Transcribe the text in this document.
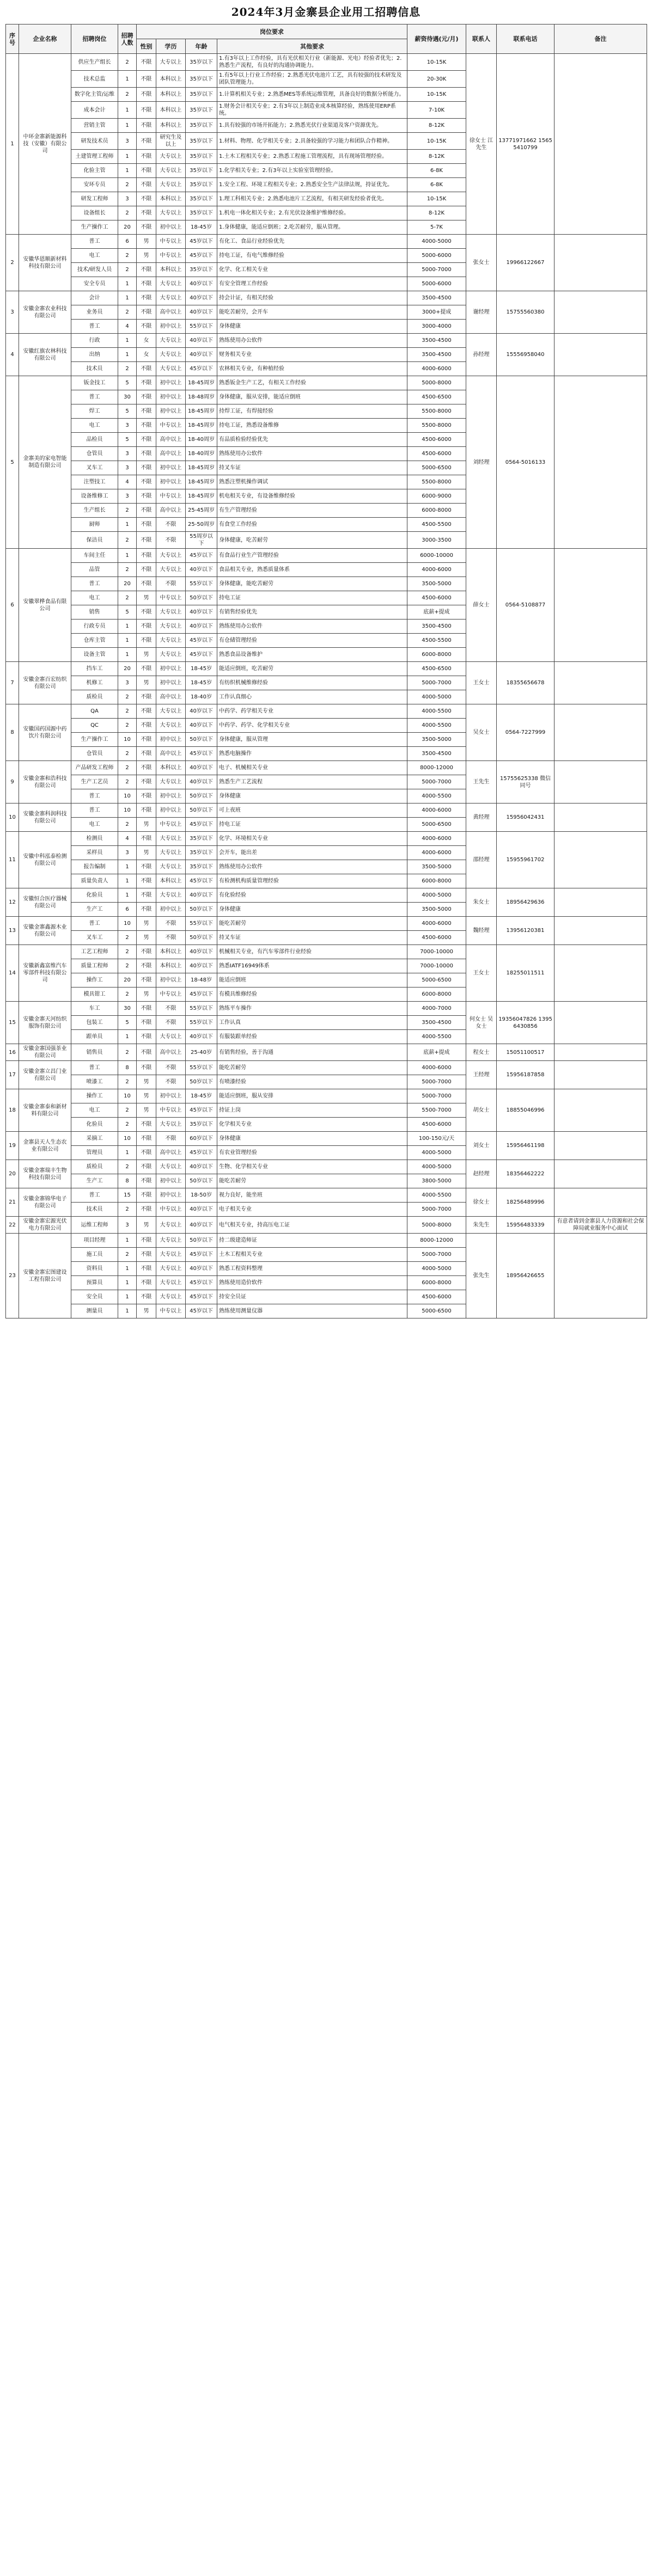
2024年3月金寨县企业用工招聘信息
序号	企业名称	招聘岗位	招聘人数	岗位要求				薪资待遇(元/月)	联系人	联系电话	备注
				性别	学历	年龄	其他要求				
1	中环金寨新能源科技（安徽）有限公司	供应生产组长	2	不限	大专以上	35岁以下	1.有3年以上工作经验，具有光伏相关行业（新能源、光电）经验者优先；2.熟悉生产流程，有良好的沟通协调能力。	10-15K	徐女士 江先生	13771971662 15655410799	
		技术总监	1	不限	本科以上	35岁以下	1.有5年以上行业工作经验；2.熟悉光伏电池片工艺，具有较强的技术研发及团队管理能力。	20-30K			
		数字化主管/运维	2	不限	本科以上	35岁以下	1.计算机相关专业；2.熟悉MES等系统运维管理，具备良好的数据分析能力。	10-15K			
		成本会计	1	不限	本科以上	35岁以下	1.财务会计相关专业；2.有3年以上制造业成本核算经验，熟练使用ERP系统。	7-10K			
		营销主管	1	不限	本科以上	35岁以下	1.具有较强的市场开拓能力；2.熟悉光伏行业渠道及客户资源优先。	8-12K			
		研发技术员	3	不限	研究生及以上	35岁以下	1.材料、物理、化学相关专业；2.具备较强的学习能力和团队合作精神。	10-15K			
		土建管理工程师	1	不限	大专以上	35岁以下	1.土木工程相关专业；2.熟悉工程施工管理流程，具有现场管理经验。	8-12K			
		化验主管	1	不限	大专以上	35岁以下	1.化学相关专业；2.有3年以上实验室管理经验。	6-8K			
		安环专员	2	不限	大专以上	35岁以下	1.安全工程、环境工程相关专业；2.熟悉安全生产法律法规，持证优先。	6-8K			
		研发工程师	3	不限	本科以上	35岁以下	1.理工科相关专业；2.熟悉电池片工艺流程，有相关研发经验者优先。	10-15K			
		设备组长	2	不限	大专以上	35岁以下	1.机电一体化相关专业；2.有光伏设备维护维修经验。	8-12K			
		生产操作工	20	不限	初中以上	18-45岁	1.身体健康，能适应倒班；2.吃苦耐劳，服从管理。	5-7K			
2	安徽华恩顺新材料科技有限公司	普工	6	男	中专以上	45岁以下	有化工、食品行业经验优先	4000-5000	张女士	19966122667	
		电工	2	男	中专以上	45岁以下	持电工证，有电气维修经验	5000-6000			
		技术/研发人员	2	不限	本科以上	35岁以下	化学、化工相关专业	5000-7000			
		安全专员	1	不限	大专以上	40岁以下	有安全管理工作经验	5000-6000			
3	安徽金寨农业科技有限公司	会计	1	不限	大专以上	40岁以下	持会计证，有相关经验	3500-4500	谢经理	15755560380	
		业务员	2	不限	高中以上	40岁以下	能吃苦耐劳，会开车	3000+提成			
		普工	4	不限	初中以上	55岁以下	身体健康	3000-4000			
4	安徽红旗农林科技有限公司	行政	1	女	大专以上	40岁以下	熟练使用办公软件	3500-4500	孙经理	15556958040	
		出纳	1	女	大专以上	40岁以下	财务相关专业	3500-4500			
		技术员	2	不限	大专以上	45岁以下	农林相关专业，有种植经验	4000-6000			
5	金寨美的家电智能制造有限公司	钣金技工	5	不限	初中以上	18-45周岁	熟悉钣金生产工艺，有相关工作经验	5000-8000	刘经理	0564-5016133	
		普工	30	不限	初中以上	18-48周岁	身体健康，服从安排，能适应倒班	4500-6500			
		焊工	5	不限	初中以上	18-45周岁	持焊工证，有焊接经验	5500-8000			
		电工	3	不限	中专以上	18-45周岁	持电工证，熟悉设备维修	5500-8000			
		品检员	5	不限	高中以上	18-40周岁	有品质检验经验优先	4500-6000			
		仓管员	3	不限	高中以上	18-40周岁	熟练使用办公软件	4500-6000			
		叉车工	3	不限	初中以上	18-45周岁	持叉车证	5000-6500			
		注塑技工	4	不限	初中以上	18-45周岁	熟悉注塑机操作调试	5500-8000			
		设备维修工	3	不限	中专以上	18-45周岁	机电相关专业，有设备维修经验	6000-9000			
		生产组长	2	不限	高中以上	25-45周岁	有生产管理经验	6000-8000			
		厨师	1	不限	不限	25-50周岁	有食堂工作经验	4500-5500			
		保洁员	2	不限	不限	55周岁以下	身体健康，吃苦耐劳	3000-3500			
6	安徽翠桦食品有限公司	车间主任	1	不限	大专以上	45岁以下	有食品行业生产管理经验	6000-10000	薛女士	0564-5108877	
		品管	2	不限	大专以上	40岁以下	食品相关专业，熟悉质量体系	4000-6000			
		普工	20	不限	不限	55岁以下	身体健康，能吃苦耐劳	3500-5000			
		电工	2	男	中专以上	50岁以下	持电工证	4500-6000			
		销售	5	不限	大专以上	40岁以下	有销售经验优先	底薪+提成			
		行政专员	1	不限	大专以上	40岁以下	熟练使用办公软件	3500-4500			
		仓库主管	1	不限	大专以上	45岁以下	有仓储管理经验	4500-5500			
		设备主管	1	男	大专以上	45岁以下	熟悉食品设备维护	6000-8000			
7	安徽金寨百宏纺织有限公司	挡车工	20	不限	初中以上	18-45岁	能适应倒班，吃苦耐劳	4500-6500	王女士	18355656678	
		机修工	3	男	初中以上	18-45岁	有纺织机械维修经验	5000-7000			
		质检员	2	不限	高中以上	18-40岁	工作认真细心	4000-5000			
8	安徽国药国源中药饮片有限公司	QA	2	不限	大专以上	40岁以下	中药学、药学相关专业	4000-5500	吴女士	0564-7227999	
		QC	2	不限	大专以上	40岁以下	中药学、药学、化学相关专业	4000-5500			
		生产操作工	10	不限	初中以上	50岁以下	身体健康，服从管理	3500-5000			
		仓管员	2	不限	高中以上	45岁以下	熟悉电脑操作	3500-4500			
9	安徽金寨和浩科技有限公司	产品研发工程师	2	不限	本科以上	40岁以下	电子、机械相关专业	8000-12000	王先生	15755625338 微信同号	
		生产工艺员	2	不限	大专以上	40岁以下	熟悉生产工艺流程	5000-7000			
		普工	10	不限	初中以上	50岁以下	身体健康	4000-5500			
10	安徽金寨科润科技有限公司	普工	10	不限	初中以上	50岁以下	可上夜班	4000-6000	黄经理	15956042431	
		电工	2	男	中专以上	45岁以下	持电工证	5000-6500			
11	安徽中科泓泰检测有限公司	检测员	4	不限	大专以上	35岁以下	化学、环境相关专业	4000-6000	邵经理	15955961702	
		采样员	3	男	大专以上	35岁以下	会开车，能出差	4000-6000			
		报告编制	1	不限	大专以上	35岁以下	熟练使用办公软件	3500-5000			
		质量负责人	1	不限	本科以上	45岁以下	有检测机构质量管理经验	6000-8000			
12	安徽恒合医疗器械有限公司	化验员	1	不限	大专以上	40岁以下	有化验经验	4000-5000	朱女士	18956429636	
		生产工	6	不限	初中以上	50岁以下	身体健康	3500-5000			
13	安徽金寨鑫源木业有限公司	普工	10	男	不限	55岁以下	能吃苦耐劳	4000-6000	魏经理	13956120381	
		叉车工	2	男	不限	50岁以下	持叉车证	4500-6000			
14	安徽新鑫富维汽车零部件科技有限公司	工艺工程师	2	不限	本科以上	40岁以下	机械相关专业，有汽车零部件行业经验	7000-10000	王女士	18255011511	
		质量工程师	2	不限	本科以上	40岁以下	熟悉IATF16949体系	7000-10000			
		操作工	20	不限	初中以上	18-48岁	能适应倒班	5000-6500			
		模具钳工	2	男	中专以上	45岁以下	有模具维修经验	6000-8000			
15	安徽金寨天河纺织服饰有限公司	车工	30	不限	不限	55岁以下	熟练平车操作	4000-7000	何女士 吴女士	19356047826 13956430856	
		包装工	5	不限	不限	55岁以下	工作认真	3500-4500			
		跟单员	1	不限	大专以上	40岁以下	有服装跟单经验	4000-5500			
16	安徽金寨国强茶业有限公司	销售员	2	不限	高中以上	25-40岁	有销售经验，善于沟通	底薪+提成	程女士	15051100517	
17	安徽金寨立昌门业有限公司	普工	8	不限	不限	55岁以下	能吃苦耐劳	4000-6000	王经理	15956187858	
		喷漆工	2	男	不限	50岁以下	有喷漆经验	5000-7000			
18	安徽金寨泰和新材料有限公司	操作工	10	男	初中以上	18-45岁	能适应倒班，服从安排	5000-7000	胡女士	18855046996	
		电工	2	男	中专以上	45岁以下	持证上岗	5500-7000			
		化验员	2	不限	大专以上	35岁以下	化学相关专业	4500-6000			
19	金寨县天人生态农业有限公司	采摘工	10	不限	不限	60岁以下	身体健康	100-150元/天	刘女士	15956461198	
		管理员	1	不限	高中以上	45岁以下	有农业管理经验	4000-5000			
20	安徽金寨瑞丰生物科技有限公司	质检员	2	不限	大专以上	40岁以下	生物、化学相关专业	4000-5000	赵经理	18356462222	
		生产工	8	不限	初中以上	50岁以下	能吃苦耐劳	3800-5000			
21	安徽金寨锦华电子有限公司	普工	15	不限	初中以上	18-50岁	视力良好，能坐班	4000-5500	徐女士	18256489996	
		技术员	2	不限	中专以上	40岁以下	电子相关专业	5000-7000			
22	安徽金寨宏源光伏电力有限公司	运维工程师	3	男	大专以上	40岁以下	电气相关专业，持高压电工证	5000-8000	朱先生	15956483339	有意者请到金寨县人力资源和社会保障局就业服务中心面试
23	安徽金寨宏图建设工程有限公司	项目经理	1	不限	大专以上	50岁以下	持二级建造师证	8000-12000	张先生	18956426655	
		施工员	2	不限	大专以上	45岁以下	土木工程相关专业	5000-7000			
		资料员	1	不限	大专以上	40岁以下	熟悉工程资料整理	4000-5000			
		预算员	1	不限	大专以上	45岁以下	熟练使用造价软件	6000-8000			
		安全员	1	不限	大专以上	45岁以下	持安全员证	4500-6000			
		测量员	1	男	中专以上	45岁以下	熟练使用测量仪器	5000-6500			
